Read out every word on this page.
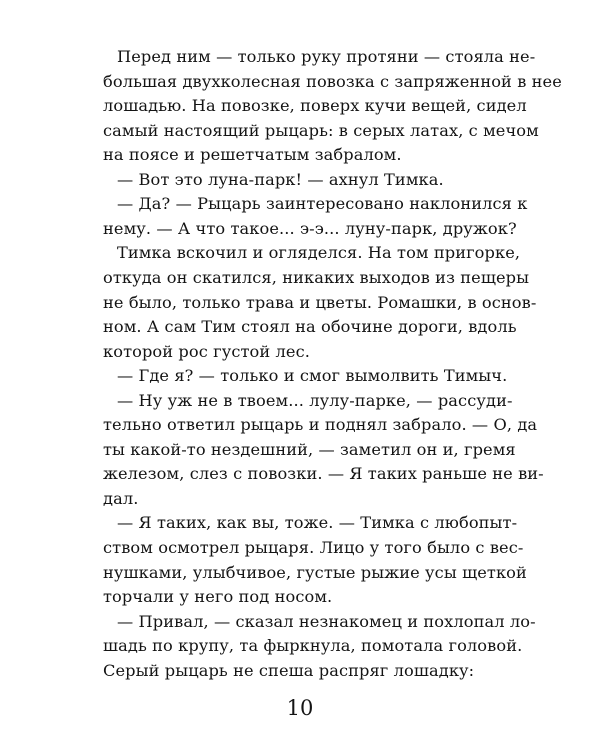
Перед ним — только руку протяни — стояла не-
большая двухколесная повозка с запряженной в нее
лошадью. На повозке, поверх кучи вещей, сидел
самый настоящий рыцарь: в серых латах, с мечом
на поясе и решетчатым забралом.
— Вот это луна-парк! — ахнул Тимка.
— Да? — Рыцарь заинтересовано наклонился к
нему. — А что такое... э-э... луну-парк, дружок?
Тимка вскочил и огляделся. На том пригорке,
откуда он скатился, никаких выходов из пещеры
не было, только трава и цветы. Ромашки, в основ-
ном. А сам Тим стоял на обочине дороги, вдоль
которой рос густой лес.
— Где я? — только и смог вымолвить Тимыч.
— Ну уж не в твоем... лулу-парке, — рассуди-
тельно ответил рыцарь и поднял забрало. — О, да
ты какой-то нездешний, — заметил он и, гремя
железом, слез с повозки. — Я таких раньше не ви-
дал.
— Я таких, как вы, тоже. — Тимка с любопыт-
ством осмотрел рыцаря. Лицо у того было с вес-
нушками, улыбчивое, густые рыжие усы щеткой
торчали у него под носом.
— Привал, — сказал незнакомец и похлопал ло-
шадь по крупу, та фыркнула, помотала головой.
Серый рыцарь не спеша распряг лошадку:
10
